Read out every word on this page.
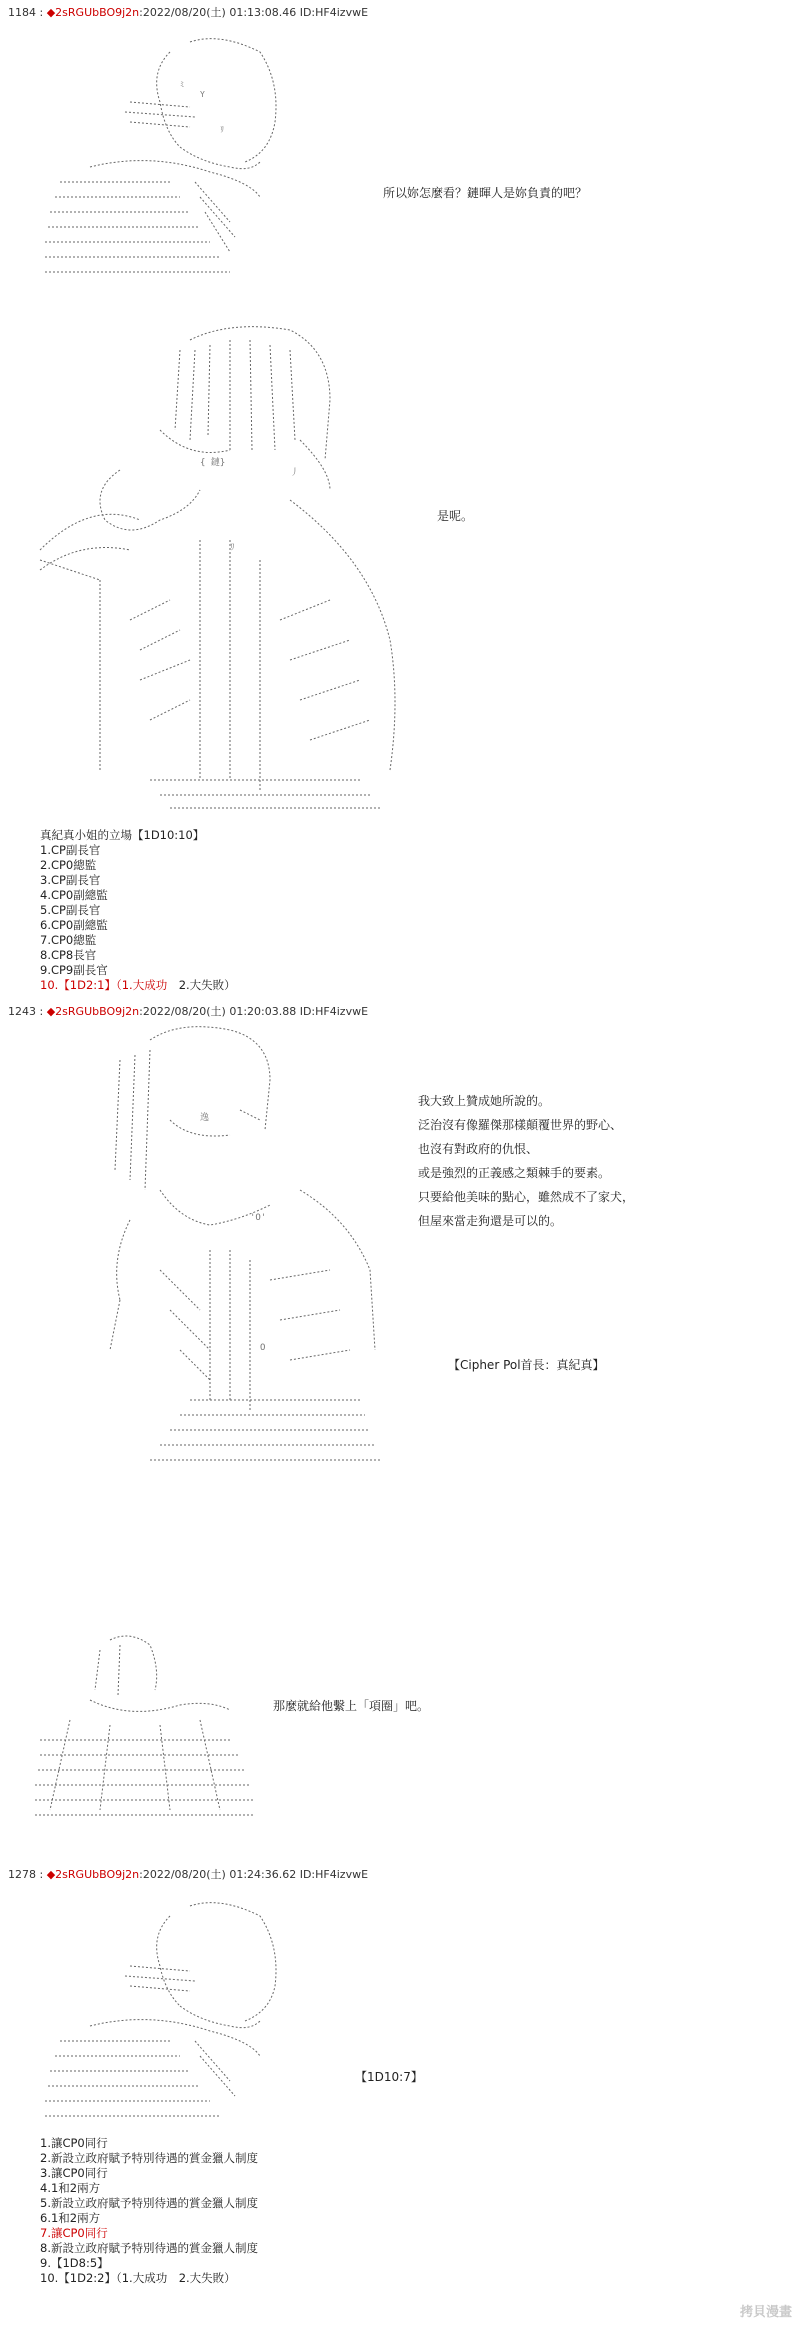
1184 : ◆2sRGUbBO9j2n:2022/08/20(土) 01:13:08.46 ID:HF4izvwE
Y
ﾘ
ﾐ
所以妳怎麼看？鏈暉人是妳負責的吧？
{ 鏈}
丿
ﾘ
是呢。
真紀真小姐的立場【1D10:10】
1.CP副長官
2.CP0總監
3.CP副長官
4.CP0副總監
5.CP副長官
6.CP0副總監
7.CP0總監
8.CP8長官
9.CP9副長官
10.【1D2:1】（1.大成功　2.大失敗）
1243 : ◆2sRGUbBO9j2n:2022/08/20(土) 01:20:03.88 ID:HF4izvwE
逸
'O'
O
我大致上贊成她所說的。
泛治沒有像羅傑那樣顛覆世界的野心、
也沒有對政府的仇恨、
或是強烈的正義感之類棘手的要素。
只要給他美味的點心，雖然成不了家犬，
但屋來當走狗還是可以的。
【Cipher Pol首長：真紀真】
那麼就給他繫上「項圈」吧。
1278 : ◆2sRGUbBO9j2n:2022/08/20(土) 01:24:36.62 ID:HF4izvwE
【1D10:7】
1.讓CP0同行
2.新設立政府賦予特別待遇的賞金獵人制度
3.讓CP0同行
4.1和2兩方
5.新設立政府賦予特別待遇的賞金獵人制度
6.1和2兩方
7.讓CP0同行
8.新設立政府賦予特別待遇的賞金獵人制度
9.【1D8:5】
10.【1D2:2】（1.大成功　2.大失敗）
拷貝漫畫
